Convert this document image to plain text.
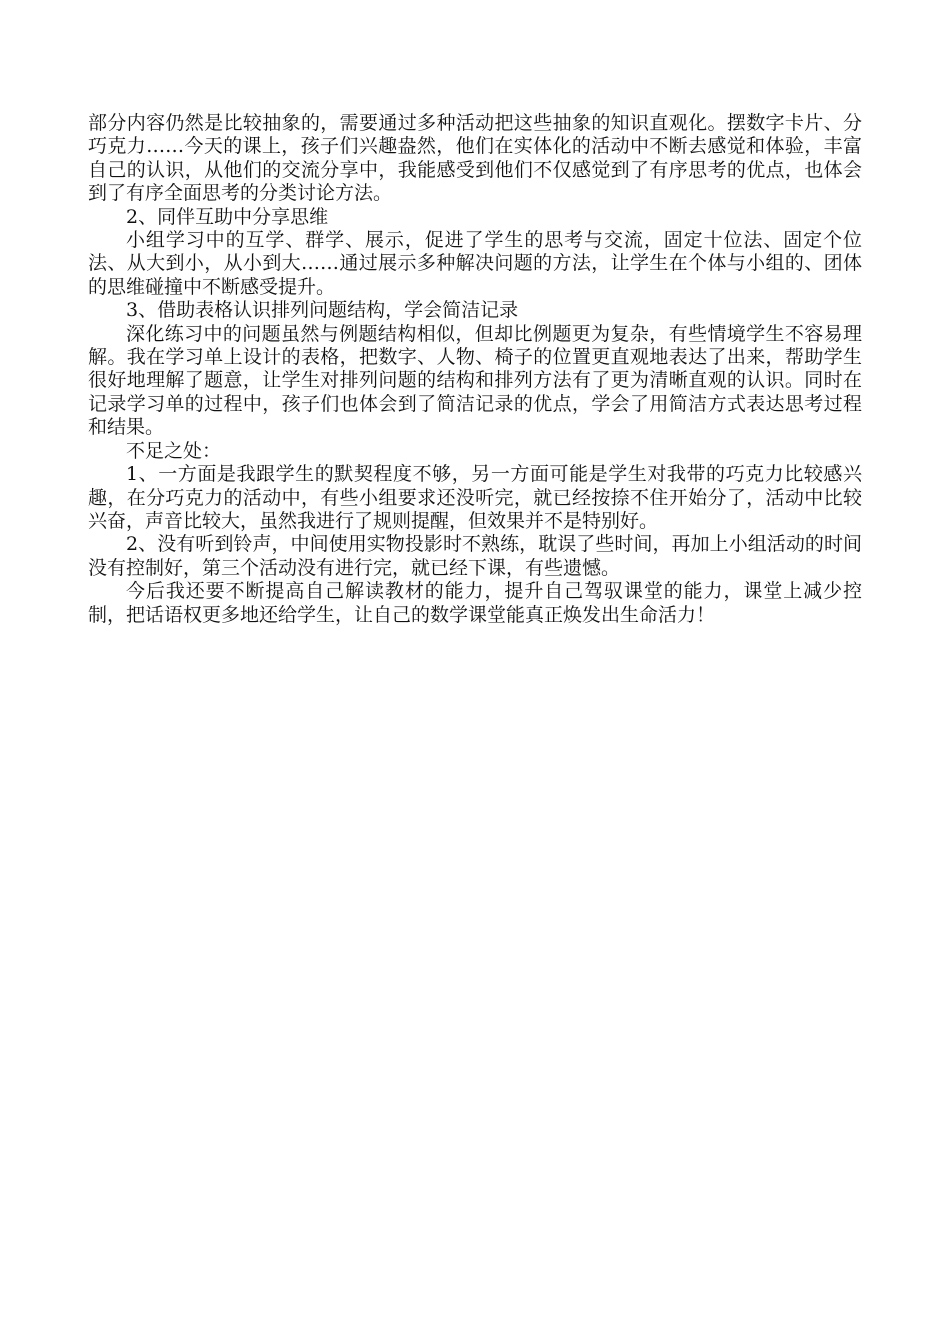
部分内容仍然是比较抽象的，需要通过多种活动把这些抽象的知识直观化。摆数字卡片、分巧克力……今天的课上，孩子们兴趣盎然，他们在实体化的活动中不断去感觉和体验，丰富自己的认识，从他们的交流分享中，我能感受到他们不仅感觉到了有序思考的优点，也体会到了有序全面思考的分类讨论方法。

2、同伴互助中分享思维

小组学习中的互学、群学、展示，促进了学生的思考与交流，固定十位法、固定个位法、从大到小，从小到大……通过展示多种解决问题的方法，让学生在个体与小组的、团体的思维碰撞中不断感受提升。

3、借助表格认识排列问题结构，学会简洁记录

深化练习中的问题虽然与例题结构相似，但却比例题更为复杂，有些情境学生不容易理解。我在学习单上设计的表格，把数字、人物、椅子的位置更直观地表达了出来，帮助学生很好地理解了题意，让学生对排列问题的结构和排列方法有了更为清晰直观的认识。同时在记录学习单的过程中，孩子们也体会到了简洁记录的优点，学会了用简洁方式表达思考过程和结果。

不足之处：

1、一方面是我跟学生的默契程度不够，另一方面可能是学生对我带的巧克力比较感兴趣，在分巧克力的活动中，有些小组要求还没听完，就已经按捺不住开始分了，活动中比较兴奋，声音比较大，虽然我进行了规则提醒，但效果并不是特别好。

2、没有听到铃声，中间使用实物投影时不熟练，耽误了些时间，再加上小组活动的时间没有控制好，第三个活动没有进行完，就已经下课，有些遗憾。

今后我还要不断提高自己解读教材的能力，提升自己驾驭课堂的能力，课堂上减少控制，把话语权更多地还给学生，让自己的数学课堂能真正焕发出生命活力！
